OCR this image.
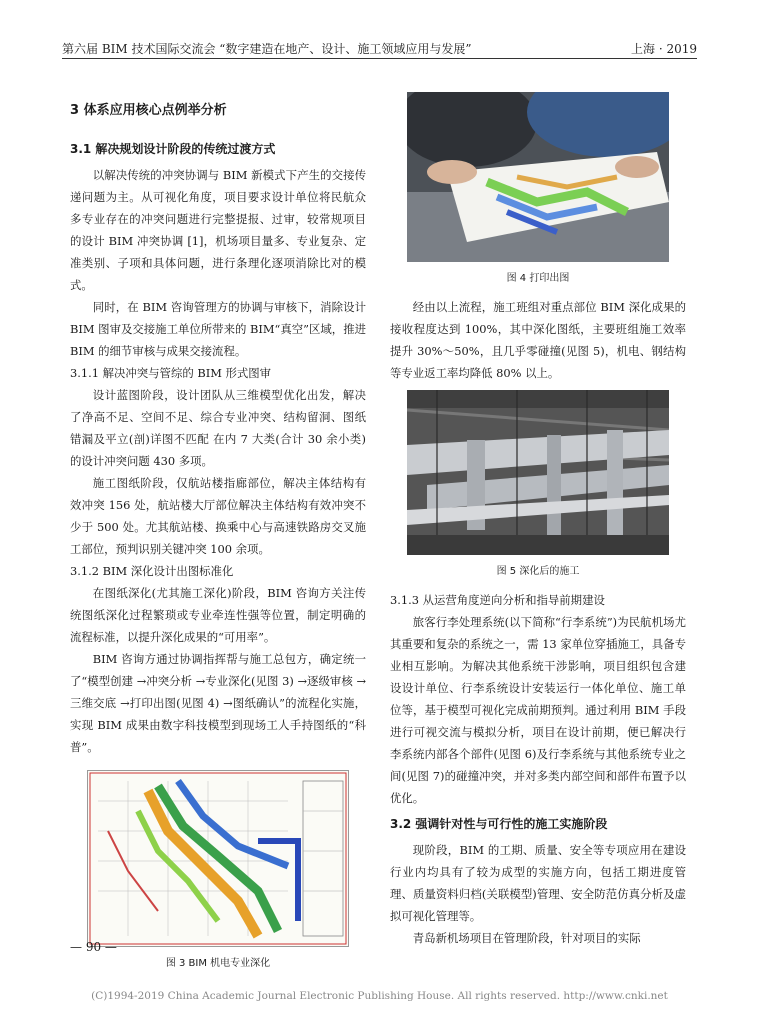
第六届 BIM 技术国际交流会 “数字建造在地产、设计、施工领域应用与发展”	上海 · 2019
3 体系应用核心点例举分析
3.1 解决规划设计阶段的传统过渡方式

以解决传统的冲突协调与 BIM 新模式下产生的交接传递问题为主。从可视化角度，项目要求设计单位将民航众多专业存在的冲突问题进行完整提报、过审，较常规项目的设计 BIM 冲突协调 [1]，机场项目量多、专业复杂、定准类别、子项和具体问题，进行条理化逐项消除比对的模式。

同时，在 BIM 咨询管理方的协调与审核下，消除设计 BIM 图审及交接施工单位所带来的 BIM“真空”区域，推进 BIM 的细节审核与成果交接流程。

3.1.1 解决冲突与管综的 BIM 形式图审

设计蓝图阶段，设计团队从三维模型优化出发，解决了净高不足、空间不足、综合专业冲突、结构留洞、图纸错漏及平立(剖)详图不匹配 在内 7 大类(合计 30 余小类)的设计冲突问题 430 多项。

施工图纸阶段，仅航站楼指廊部位，解决主体结构有效冲突 156 处，航站楼大厅部位解决主体结构有效冲突不少于 500 处。尤其航站楼、换乘中心与高速铁路房交叉施工部位，预判识别关键冲突 100 余项。

3.1.2 BIM 深化设计出图标准化

在图纸深化(尤其施工深化)阶段，BIM 咨询方关注传统图纸深化过程繁琐或专业牵连性强等位置，制定明确的流程标准，以提升深化成果的“可用率”。

BIM 咨询方通过协调指挥帮与施工总包方，确定统一了“模型创建 →冲突分析 →专业深化(见图 3) →逐级审核 →三维交底 →打印出图(见图 4) →图纸确认”的流程化实施，实现 BIM 成果由数字科技模型到现场工人手持图纸的“科普”。

图 3 BIM 机电专业深化
图 4 打印出图

经由以上流程，施工班组对重点部位 BIM 深化成果的接收程度达到 100%，其中深化图纸，主要班组施工效率提升 30%～50%，且几乎零碰撞(见图 5)，机电、钢结构等专业返工率均降低 80% 以上。

图 5 深化后的施工
3.1.3 从运营角度逆向分析和指导前期建设

旅客行李处理系统(以下简称“行李系统”)为民航机场尤其重要和复杂的系统之一，需 13 家单位穿插施工，具备专业相互影响。为解决其他系统干涉影响，项目组织包含建设设计单位、行李系统设计安装运行一体化单位、施工单位等，基于模型可视化完成前期预判。通过利用 BIM 手段进行可视交流与模拟分析，项目在设计前期，便已解决行李系统内部各个部件(见图 6)及行李系统与其他系统专业之间(见图 7)的碰撞冲突，并对多类内部空间和部件布置予以优化。

3.2 强调针对性与可行性的施工实施阶段

现阶段，BIM 的工期、质量、安全等专项应用在建设行业内均具有了较为成型的实施方向，包括工期进度管理、质量资料归档(关联模型)管理、安全防范仿真分析及虚拟可视化管理等。

青岛新机场项目在管理阶段，针对项目的实际

— 90 —
(C)1994-2019 China Academic Journal Electronic Publishing House. All rights reserved. http://www.cnki.net
